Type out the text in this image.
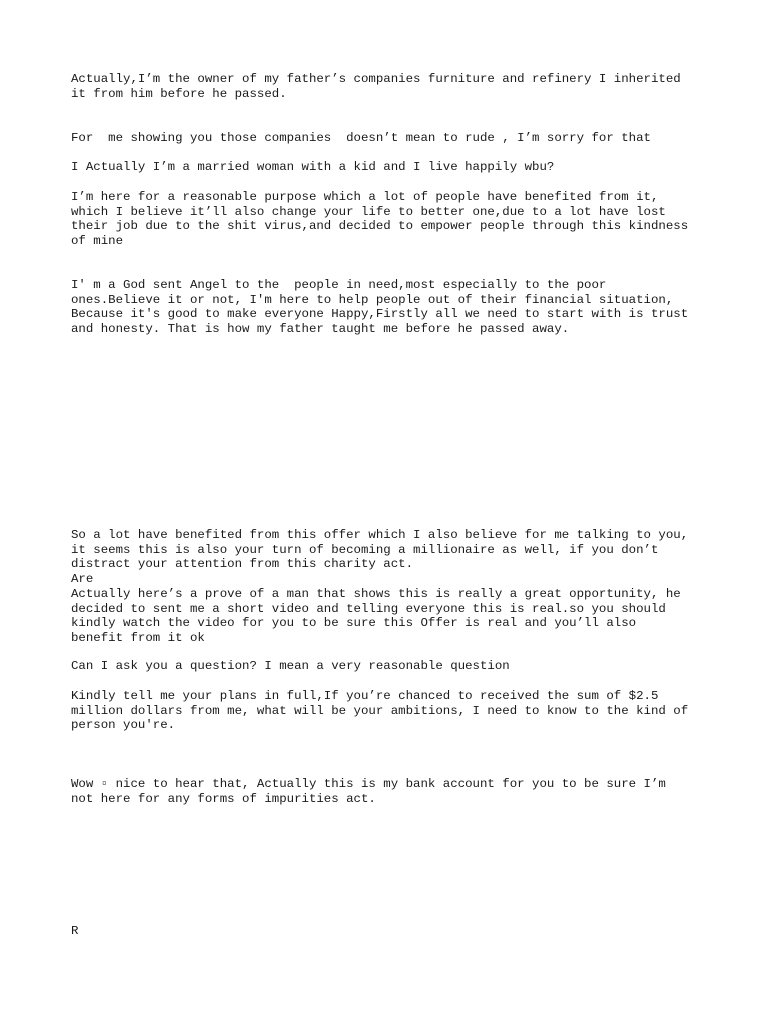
Actually,I’m the owner of my father’s companies furniture and refinery I inherited
it from him before he passed.

For  me showing you those companies  doesn’t mean to rude , I’m sorry for that

I Actually I’m a married woman with a kid and I live happily wbu?

I’m here for a reasonable purpose which a lot of people have benefited from it,
which I believe it’ll also change your life to better one,due to a lot have lost
their job due to the shit virus,and decided to empower people through this kindness
of mine

I' m a God sent Angel to the  people in need,most especially to the poor
ones.Believe it or not, I'm here to help people out of their financial situation,
Because it's good to make everyone Happy,Firstly all we need to start with is trust
and honesty. That is how my father taught me before he passed away.

So a lot have benefited from this offer which I also believe for me talking to you,
it seems this is also your turn of becoming a millionaire as well, if you don’t
distract your attention from this charity act.
Are
Actually here’s a prove of a man that shows this is really a great opportunity, he
decided to sent me a short video and telling everyone this is real.so you should
kindly watch the video for you to be sure this Offer is real and you’ll also
benefit from it ok

Can I ask you a question? I mean a very reasonable question

Kindly tell me your plans in full,If you’re chanced to received the sum of $2.5
million dollars from me, what will be your ambitions, I need to know to the kind of
person you're.

Wow ▫ nice to hear that, Actually this is my bank account for you to be sure I’m
not here for any forms of impurities act.

R
